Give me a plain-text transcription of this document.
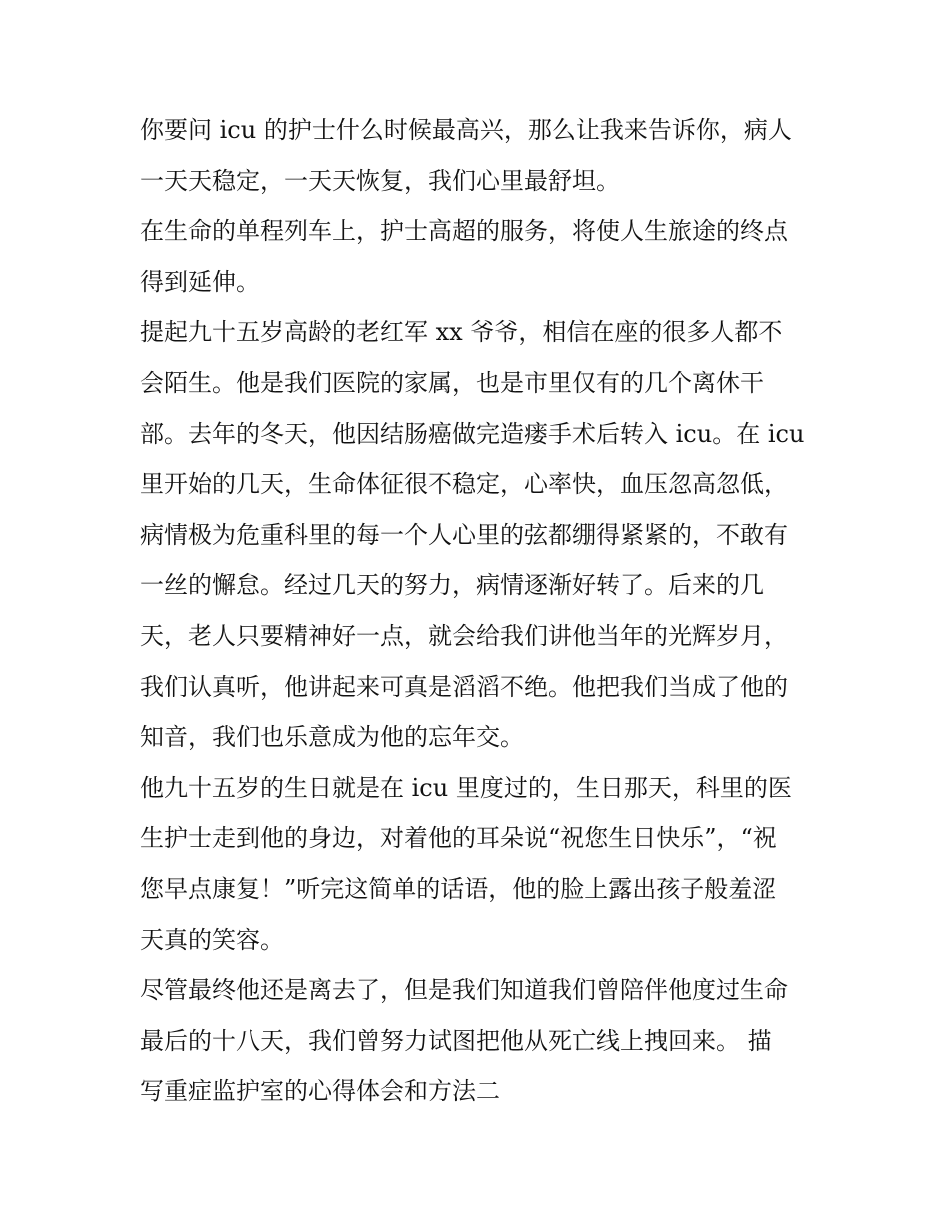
你要问 icu 的护士什么时候最高兴，那么让我来告诉你，病人
一天天稳定，一天天恢复，我们心里最舒坦。
在生命的单程列车上，护士高超的服务，将使人生旅途的终点
得到延伸。
提起九十五岁高龄的老红军 xx 爷爷，相信在座的很多人都不
会陌生。他是我们医院的家属，也是市里仅有的几个离休干
部。去年的冬天，他因结肠癌做完造瘘手术后转入 icu。在 icu
里开始的几天，生命体征很不稳定，心率快，血压忽高忽低，
病情极为危重科里的每一个人心里的弦都绷得紧紧的，不敢有
一丝的懈怠。经过几天的努力，病情逐渐好转了。后来的几
天，老人只要精神好一点，就会给我们讲他当年的光辉岁月，
我们认真听，他讲起来可真是滔滔不绝。他把我们当成了他的
知音，我们也乐意成为他的忘年交。
他九十五岁的生日就是在 icu 里度过的，生日那天，科里的医
生护士走到他的身边，对着他的耳朵说“祝您生日快乐”，“祝
您早点康复！”听完这简单的话语，他的脸上露出孩子般羞涩
天真的笑容。
尽管最终他还是离去了，但是我们知道我们曾陪伴他度过生命
最后的十八天，我们曾努力试图把他从死亡线上拽回来。 描
写重症监护室的心得体会和方法二
